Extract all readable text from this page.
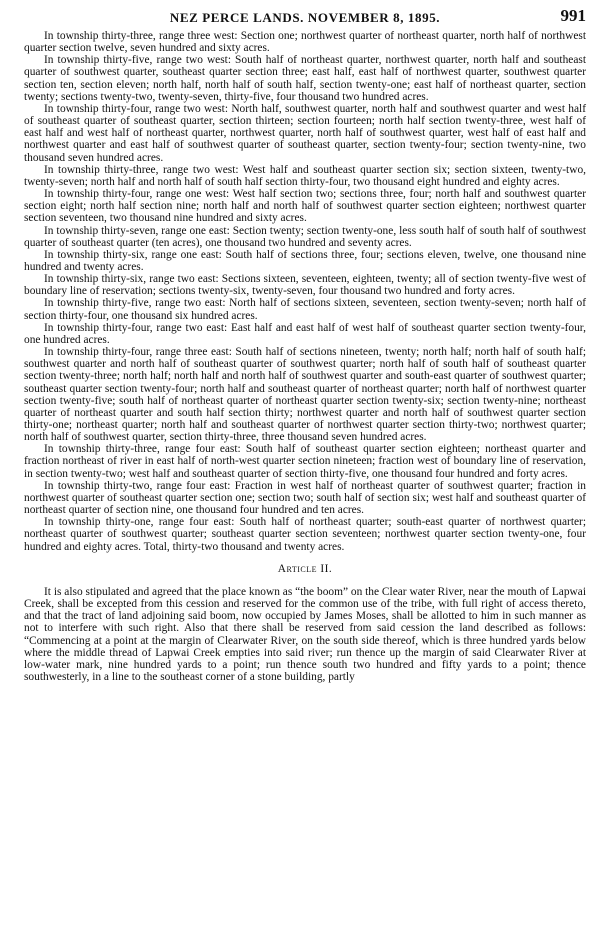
NEZ PERCE LANDS. NOVEMBER 8, 1895.	991

In township thirty-three, range three west: Section one; northwest quarter of northeast quarter, north half of northwest quarter section twelve, seven hundred and sixty acres.

In township thirty-five, range two west: South half of northeast quarter, northwest quarter, north half and southeast quarter of southwest quarter, southeast quarter section three; east half, east half of northwest quarter, southwest quarter section ten, section eleven; north half, north half of south half, section twenty-one; east half of northeast quarter, section twenty; sections twenty-two, twenty-seven, thirty-five, four thousand two hundred acres.

In township thirty-four, range two west: North half, southwest quarter, north half and southwest quarter and west half of southeast quarter of southeast quarter, section thirteen; section fourteen; north half section twenty-three, west half of east half and west half of northeast quarter, northwest quarter, north half of southwest quarter, west half of east half and northwest quarter and east half of southwest quarter of southeast quarter, section twenty-four; section twenty-nine, two thousand seven hundred acres.

In township thirty-three, range two west: West half and southeast quarter section six; section sixteen, twenty-two, twenty-seven; north half and north half of south half section thirty-four, two thousand eight hundred and eighty acres.

In township thirty-four, range one west: West half section two; sections three, four; north half and southwest quarter section eight; north half section nine; north half and north half of southwest quarter section eighteen; northwest quarter section seventeen, two thousand nine hundred and sixty acres.

In township thirty-seven, range one east: Section twenty; section twenty-one, less south half of south half of southwest quarter of southeast quarter (ten acres), one thousand two hundred and seventy acres.

In township thirty-six, range one east: South half of sections three, four; sections eleven, twelve, one thousand nine hundred and twenty acres.

In township thirty-six, range two east: Sections sixteen, seventeen, eighteen, twenty; all of section twenty-five west of boundary line of reservation; sections twenty-six, twenty-seven, four thousand two hundred and forty acres.

In township thirty-five, range two east: North half of sections sixteen, seventeen, section twenty-seven; north half of section thirty-four, one thousand six hundred acres.

In township thirty-four, range two east: East half and east half of west half of southeast quarter section twenty-four, one hundred acres.

In township thirty-four, range three east: South half of sections nineteen, twenty; north half; north half of south half; southwest quarter and north half of southeast quarter of southwest quarter; north half of south half of southeast quarter section twenty-three; north half; north half and north half of southwest quarter and south-east quarter of southwest quarter; southeast quarter section twenty-four; north half and southeast quarter of northeast quarter; north half of northwest quarter section twenty-five; south half of northeast quarter of northeast quarter section twenty-six; section twenty-nine; northeast quarter of northeast quarter and south half section thirty; northwest quarter and north half of southwest quarter section thirty-one; northeast quarter; north half and southeast quarter of northwest quarter section thirty-two; northwest quarter; north half of southwest quarter, section thirty-three, three thousand seven hundred acres.

In township thirty-three, range four east: South half of southeast quarter section eighteen; northeast quarter and fraction northeast of river in east half of north-west quarter section nineteen; fraction west of boundary line of reservation, in section twenty-two; west half and southeast quarter of section thirty-five, one thousand four hundred and forty acres.

In township thirty-two, range four east: Fraction in west half of northeast quarter of southwest quarter; fraction in northwest quarter of southeast quarter section one; section two; south half of section six; west half and southeast quarter of northeast quarter of section nine, one thousand four hundred and ten acres.

In township thirty-one, range four east: South half of northeast quarter; south-east quarter of northwest quarter; northeast quarter of southwest quarter; southeast quarter section seventeen; northwest quarter section twenty-one, four hundred and eighty acres. Total, thirty-two thousand and twenty acres.

Article II.

It is also stipulated and agreed that the place known as “the boom” on the Clear water River, near the mouth of Lapwai Creek, shall be excepted from this cession and reserved for the common use of the tribe, with full right of access thereto, and that the tract of land adjoining said boom, now occupied by James Moses, shall be allotted to him in such manner as not to interfere with such right. Also that there shall be reserved from said cession the land described as follows: “Commencing at a point at the margin of Clearwater River, on the south side thereof, which is three hundred yards below where the middle thread of Lapwai Creek empties into said river; run thence up the margin of said Clearwater River at low-water mark, nine hundred yards to a point; run thence south two hundred and fifty yards to a point; thence southwesterly, in a line to the southeast corner of a stone building, partly
